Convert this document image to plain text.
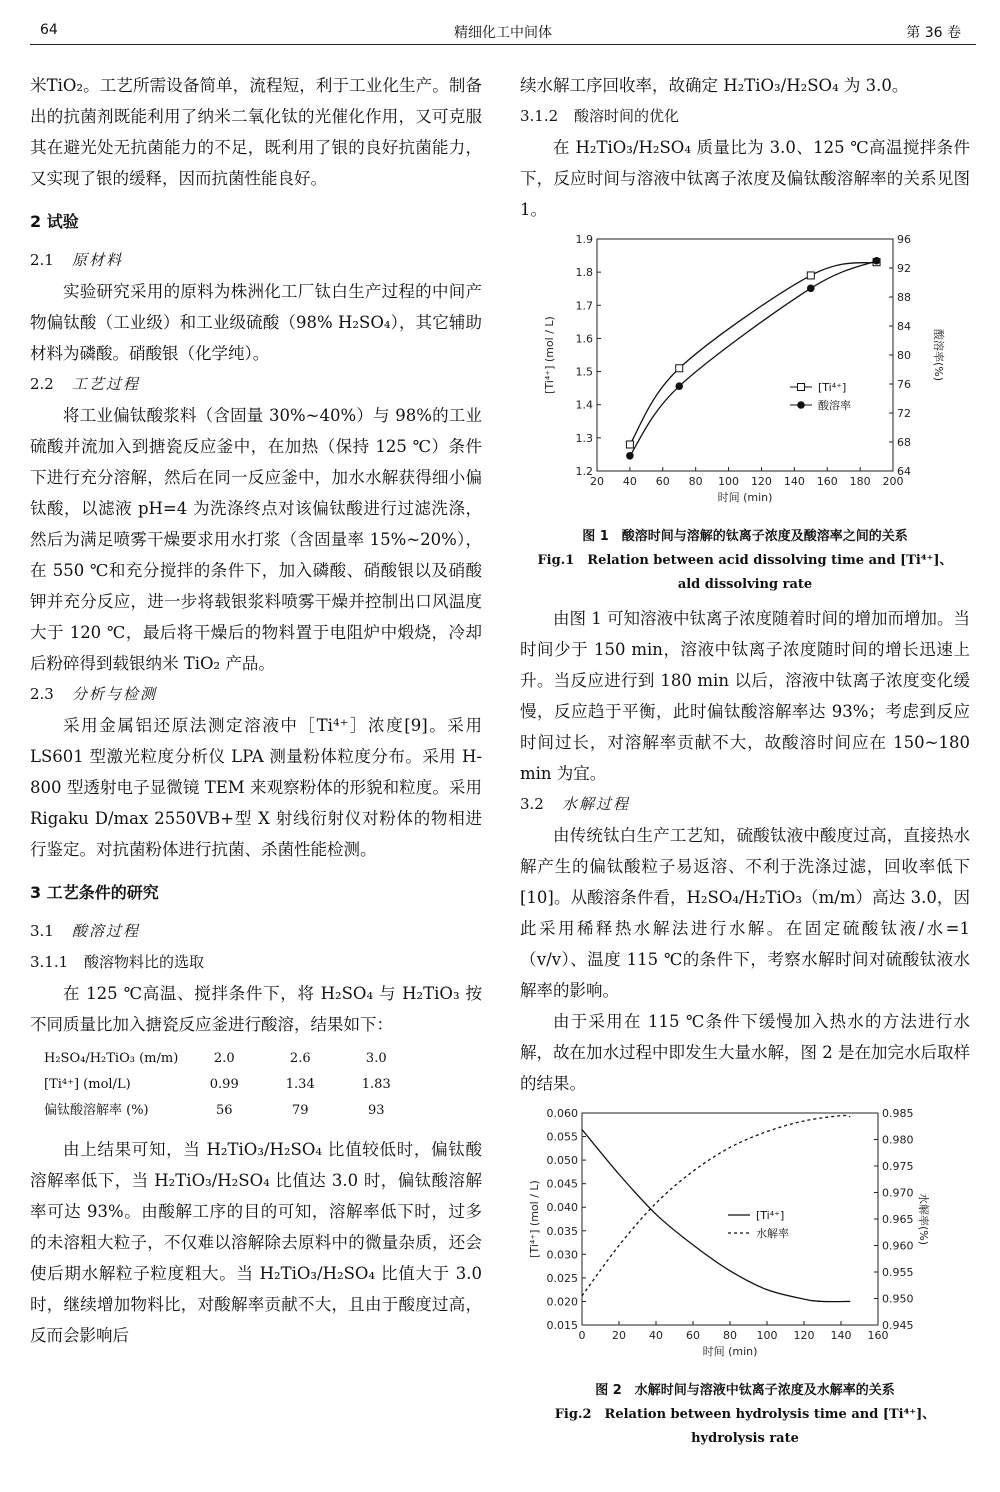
64	精细化工中间体	第 36 卷

米TiO₂。工艺所需设备简单，流程短，利于工业化生产。制备出的抗菌剂既能利用了纳米二氧化钛的光催化作用，又可克服其在避光处无抗菌能力的不足，既利用了银的良好抗菌能力，又实现了银的缓释，因而抗菌性能良好。

2 试验
2.1 原材料

实验研究采用的原料为株洲化工厂钛白生产过程的中间产物偏钛酸（工业级）和工业级硫酸（98% H₂SO₄），其它辅助材料为磷酸。硝酸银（化学纯）。

2.2 工艺过程

将工业偏钛酸浆料（含固量 30%~40%）与 98%的工业硫酸并流加入到搪瓷反应釜中，在加热（保持 125 ℃）条件下进行充分溶解，然后在同一反应釜中，加水水解获得细小偏钛酸，以滤液 pH=4 为洗涤终点对该偏钛酸进行过滤洗涤，然后为满足喷雾干燥要求用水打浆（含固量率 15%~20%），在 550 ℃和充分搅拌的条件下，加入磷酸、硝酸银以及硝酸钾并充分反应，进一步将载银浆料喷雾干燥并控制出口风温度大于 120 ℃，最后将干燥后的物料置于电阻炉中煅烧，冷却后粉碎得到载银纳米 TiO₂ 产品。

2.3 分析与检测

采用金属铝还原法测定溶液中［Ti⁴⁺］浓度[9]。采用 LS601 型激光粒度分析仪 LPA 测量粉体粒度分布。采用 H-800 型透射电子显微镜 TEM 来观察粉体的形貌和粒度。采用 Rigaku D/max 2550VB+型 X 射线衍射仪对粉体的物相进行鉴定。对抗菌粉体进行抗菌、杀菌性能检测。

3 工艺条件的研究
3.1 酸溶过程
3.1.1 酸溶物料比的选取

在 125 ℃高温、搅拌条件下，将 H₂SO₄ 与 H₂TiO₃ 按不同质量比加入搪瓷反应釜进行酸溶，结果如下：

H₂SO₄/H₂TiO₃ (m/m)	2.0	2.6	3.0
[Ti⁴⁺] (mol/L)	0.99	1.34	1.83
偏钛酸溶解率 (%)	56	79	93

由上结果可知，当 H₂TiO₃/H₂SO₄ 比值较低时，偏钛酸溶解率低下，当 H₂TiO₃/H₂SO₄ 比值达 3.0 时，偏钛酸溶解率可达 93%。由酸解工序的目的可知，溶解率低下时，过多的未溶粗大粒子，不仅难以溶解除去原料中的微量杂质，还会使后期水解粒子粒度粗大。当 H₂TiO₃/H₂SO₄ 比值大于 3.0 时，继续增加物料比，对酸解率贡献不大，且由于酸度过高，反而会影响后

续水解工序回收率，故确定 H₂TiO₃/H₂SO₄ 为 3.0。

3.1.2 酸溶时间的优化

在 H₂TiO₃/H₂SO₄ 质量比为 3.0、125 ℃高温搅拌条件下，反应时间与溶液中钛离子浓度及偏钛酸溶解率的关系见图 1。

20 40 60 80 100 120 140 160 180 200
1.2
1.3
1.4
1.5
1.6
1.7
1.8
1.9
64
68
72
76
80
84
88
92
96
时间 (min)
[Ti⁴⁺] (mol / L)	酸溶率(%)
[Ti⁴⁺]
酸溶率
图 1　酸溶时间与溶解的钛离子浓度及酸溶率之间的关系
Fig.1　Relation between acid dissolving time and [Ti⁴⁺]、
ald dissolving rate

由图 1 可知溶液中钛离子浓度随着时间的增加而增加。当时间少于 150 min，溶液中钛离子浓度随时间的增长迅速上升。当反应进行到 180 min 以后，溶液中钛离子浓度变化缓慢，反应趋于平衡，此时偏钛酸溶解率达 93%；考虑到反应时间过长，对溶解率贡献不大，故酸溶时间应在 150~180 min 为宜。

3.2 水解过程

由传统钛白生产工艺知，硫酸钛液中酸度过高，直接热水解产生的偏钛酸粒子易返溶、不利于洗涤过滤，回收率低下[10]。从酸溶条件看，H₂SO₄/H₂TiO₃（m/m）高达 3.0，因此采用稀释热水解法进行水解。在固定硫酸钛液/水=1（v/v）、温度 115 ℃的条件下，考察水解时间对硫酸钛液水解率的影响。

由于采用在 115 ℃条件下缓慢加入热水的方法进行水解，故在加水过程中即发生大量水解，图 2 是在加完水后取样的结果。

0 20 40 60 80 100 120 140 160
0.015
0.020
0.025
0.030
0.035
0.040
0.045
0.050
0.055
0.060
0.945
0.950
0.955
0.960
0.965
0.970
0.975
0.980
0.985
时间 (min)
[Ti⁴⁺] (mol / L)	水解率(%)
[Ti⁴⁺]
水解率
图 2　水解时间与溶液中钛离子浓度及水解率的关系
Fig.2　Relation between hydrolysis time and [Ti⁴⁺]、
hydrolysis rate
